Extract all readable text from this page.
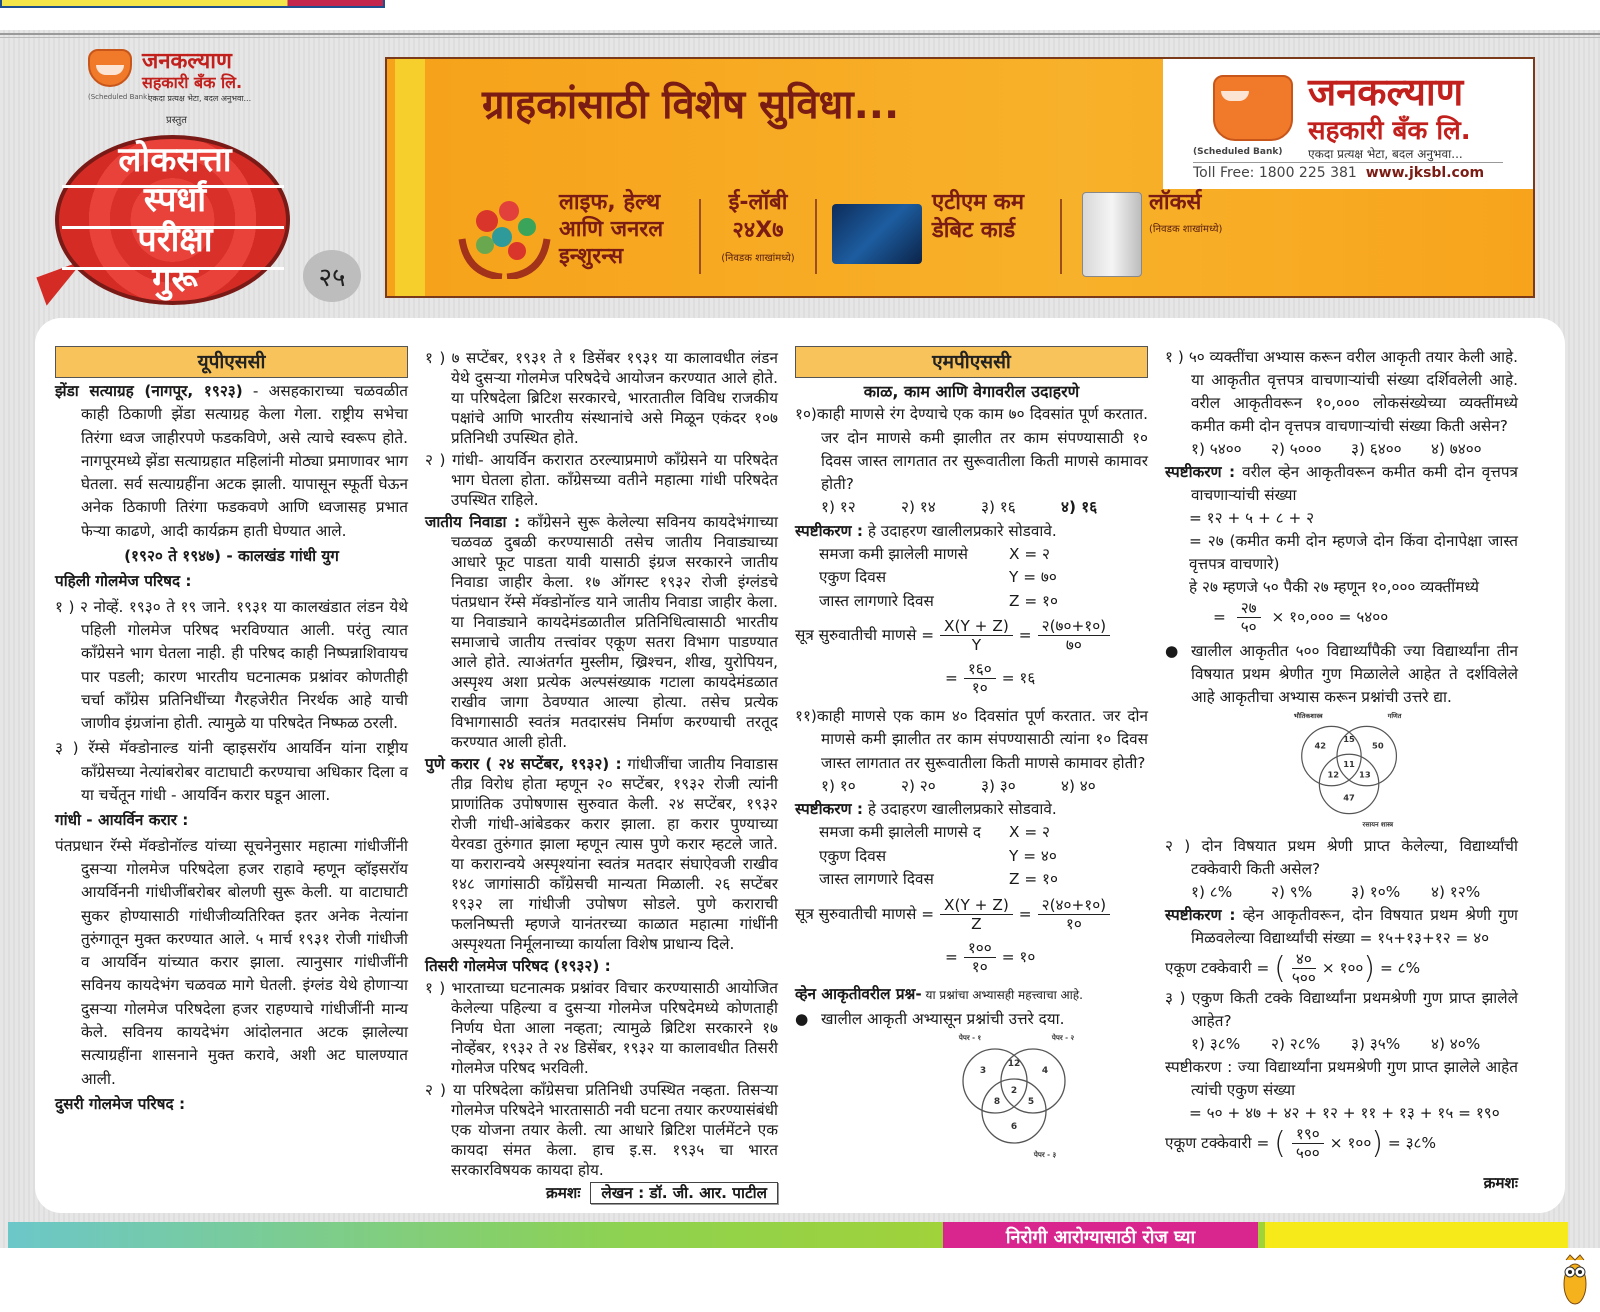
जनकल्याण
सहकारी बँक लि.
(Scheduled Bank)
एकदा प्रत्यक्ष भेटा, बदल अनुभवा...
प्रस्तुत
लोकसत्ता
स्पर्धा
परीक्षा
गुरू	२५
ग्राहकांसाठी विशेष सुविधा...	जनकल्याण
सहकारी बँक लि.
(Scheduled Bank) एकदा प्रत्यक्ष भेटा, बदल अनुभवा...
Toll Free: 1800 225 381 www.jksbl.com
लाइफ, हेल्थ आणि जनरल इन्शुरन्स
ई-लॉबी २४X७
(निवडक शाखांमध्ये)
एटीएम कम डेबिट कार्ड
लॉकर्स
(निवडक शाखांमध्ये)
यूपीएससी
झेंडा सत्याग्रह (नागपूर, १९२३) - असहकाराच्या चळवळीत काही ठिकाणी झेंडा सत्याग्रह केला गेला. राष्ट्रीय सभेचा तिरंगा ध्वज जाहीरपणे फडकविणे, असे त्याचे स्वरूप होते. नागपूरमध्ये झेंडा सत्याग्रहात महिलांनी मोठ्या प्रमाणावर भाग घेतला. सर्व सत्याग्रहींना अटक झाली. यापासून स्फूर्ती घेऊन अनेक ठिकाणी तिरंगा फडकवणे आणि ध्वजासह प्रभात फेऱ्या काढणे, आदी कार्यक्रम हाती घेण्यात आले.
(१९२० ते १९४७) - कालखंड गांधी युग
पहिली गोलमेज परिषद :
१ ) २ नोव्हें. १९३० ते १९ जाने. १९३१ या कालखंडात लंडन येथे पहिली गोलमेज परिषद भरविण्यात आली. परंतु त्यात काँग्रेसने भाग घेतला नाही. ही परिषद काही निष्पन्नाशिवायच पार पडली; कारण भारतीय घटनात्मक प्रश्नांवर कोणतीही चर्चा काँग्रेस प्रतिनिधींच्या गैरहजेरीत निरर्थक आहे याची जाणीव इंग्रजांना होती. त्यामुळे या परिषदेत निष्फळ ठरली.
३ ) रॅम्से मॅक्डोनाल्ड यांनी व्हाइसरॉय आयर्विन यांना राष्ट्रीय काँग्रेसच्या नेत्यांबरोबर वाटाघाटी करण्याचा अधिकार दिला व या चर्चेतून गांधी - आयर्विन करार घडून आला.
गांधी - आयर्विन करार :
पंतप्रधान रॅम्से मॅक्डोनॉल्ड यांच्या सूचनेनुसार महात्मा गांधीजींनी दुसऱ्या गोलमेज परिषदेला हजर राहावे म्हणून व्हॉइसरॉय आयर्विननी गांधीजींबरोबर बोलणी सुरू केली. या वाटाघाटी सुकर होण्यासाठी गांधीजीव्यतिरिक्त इतर अनेक नेत्यांना तुरुंगातून मुक्त करण्यात आले. ५ मार्च १९३१ रोजी गांधीजी व आयर्विन यांच्यात करार झाला. त्यानुसार गांधीजींनी सविनय कायदेभंग चळवळ मागे घेतली. इंग्लंड येथे होणाऱ्या दुसऱ्या गोलमेज परिषदेला हजर राहण्याचे गांधीजींनी मान्य केले. सविनय कायदेभंग आंदोलनात अटक झालेल्या सत्याग्रहींना शासनाने मुक्त करावे, अशी अट घालण्यात आली.
दुसरी गोलमेज परिषद :
१ ) ७ सप्टेंबर, १९३१ ते १ डिसेंबर १९३१ या कालावधीत लंडन येथे दुसऱ्या गोलमेज परिषदेचे आयोजन करण्यात आले होते. या परिषदेला ब्रिटिश सरकारचे, भारतातील विविध राजकीय पक्षांचे आणि भारतीय संस्थानांचे असे मिळून एकंदर १०७ प्रतिनिधी उपस्थित होते.
२ ) गांधी- आयर्विन करारात ठरल्याप्रमाणे काँग्रेसने या परिषदेत भाग घेतला होता. काँग्रेसच्या वतीने महात्मा गांधी परिषदेत उपस्थित राहिले.
जातीय निवाडा : काँग्रेसने सुरू केलेल्या सविनय कायदेभंगाच्या चळवळ दुबळी करण्यासाठी तसेच जातीय निवाड्याच्या आधारे फूट पाडता यावी यासाठी इंग्रज सरकारने जातीय निवाडा जाहीर केला. १७ ऑगस्ट १९३२ रोजी इंग्लंडचे पंतप्रधान रॅम्से मॅक्डोनॉल्ड याने जातीय निवाडा जाहीर केला. या निवाड्याने कायदेमंडळातील प्रतिनिधित्वासाठी भारतीय समाजाचे जातीय तत्त्वांवर एकूण सतरा विभाग पाडण्यात आले होते. त्याअंतर्गत मुस्लीम, ख्रिश्चन, शीख, युरोपियन, अस्पृश्य अशा प्रत्येक अल्पसंख्याक गटाला कायदेमंडळात राखीव जागा ठेवण्यात आल्या होत्या. तसेच प्रत्येक विभागासाठी स्वतंत्र मतदारसंघ निर्माण करण्याची तरतूद करण्यात आली होती.
पुणे करार ( २४ सप्टेंबर, १९३२) : गांधीजींचा जातीय निवाडास तीव्र विरोध होता म्हणून २० सप्टेंबर, १९३२ रोजी त्यांनी प्राणांतिक उपोषणास सुरुवात केली. २४ सप्टेंबर, १९३२ रोजी गांधी-आंबेडकर करार झाला. हा करार पुण्याच्या येरवडा तुरुंगात झाला म्हणून त्यास पुणे करार म्हटले जाते. या करारान्वये अस्पृश्यांना स्वतंत्र मतदार संघाऐवजी राखीव १४८ जागांसाठी काँग्रेसची मान्यता मिळाली. २६ सप्टेंबर १९३२ ला गांधीजी उपोषण सोडले. पुणे कराराची फलनिष्पत्ती म्हणजे यानंतरच्या काळात महात्मा गांधींनी अस्पृश्यता निर्मूलनाच्या कार्याला विशेष प्राधान्य दिले.
तिसरी गोलमेज परिषद (१९३२) :
१ ) भारताच्या घटनात्मक प्रश्नांवर विचार करण्यासाठी आयोजित केलेल्या पहिल्या व दुसऱ्या गोलमेज परिषदेमध्ये कोणताही निर्णय घेता आला नव्हता; त्यामुळे ब्रिटिश सरकारने १७ नोव्हेंबर, १९३२ ते २४ डिसेंबर, १९३२ या कालावधीत तिसरी गोलमेज परिषद भरविली.
२ ) या परिषदेला काँग्रेसचा प्रतिनिधी उपस्थित नव्हता. तिसऱ्या गोलमेज परिषदेने भारतासाठी नवी घटना तयार करण्यासंबंधी एक योजना तयार केली. त्या आधारे ब्रिटिश पार्लमेंटने एक कायदा संमत केला. हाच इ.स. १९३५ चा भारत सरकारविषयक कायदा होय.
क्रमशः लेखन : डॉ. जी. आर. पाटील
एमपीएससी
काळ, काम आणि वेगावरील उदाहरणे
१०)काही माणसे रंग देण्याचे एक काम ७० दिवसांत पूर्ण करतात. जर दोन माणसे कमी झालीत तर काम संपण्यासाठी १० दिवस जास्त लागतात तर सुरूवातीला किती माणसे कामावर होती?
१) १२	२) १४	३) १६	४) १६
स्पष्टीकरण : हे उदाहरण खालीलप्रकारे सोडवावे.
समजा कमी झालेली माणसे	X = २
एकुण दिवस	Y = ७०
जास्त लागणारे दिवस	Z = १०
सूत्र सुरुवातीची माणसे = $\frac{X(Y + Z)}{Y} = \frac{२(७०+१०)}{७०}$
= $\frac{१६०}{१०}$ = १६
११)काही माणसे एक काम ४० दिवसांत पूर्ण करतात. जर दोन माणसे कमी झालीत तर काम संपण्यासाठी त्यांना १० दिवस जास्त लागतात तर सुरूवातीला किती माणसे कामावर होती?
१) १०	२) २०	३) ३०	४) ४०
स्पष्टीकरण : हे उदाहरण खालीलप्रकारे सोडवावे.
समजा कमी झालेली माणसे द	X = २
एकुण दिवस	Y = ४०
जास्त लागणारे दिवस	Z = १०
सूत्र सुरुवातीची माणसे = $\frac{X(Y + Z)}{Z} = \frac{२(४०+१०)}{१०}$
= $\frac{१००}{१०}$ = १०
व्हेन आकृतीवरील प्रश्न- या प्रश्नांचा अभ्यासही महत्त्वाचा आहे.
● खालील आकृती अभ्यासून प्रश्नांची उत्तरे दया.
3
12
4
2
8	5
6
पेपर - १	पेपर - २
पेपर - ३
१ ) ५० व्यक्तींचा अभ्यास करून वरील आकृती तयार केली आहे. या आकृतीत वृत्तपत्र वाचणाऱ्यांची संख्या दर्शिवलेली आहे. वरील आकृतीवरून १०,००० लोकसंख्येच्या व्यक्तींमध्ये कमीत कमी दोन वृत्तपत्र वाचणाऱ्यांची संख्या किती असेन?
१) ५४००	२) ५०००	३) ६४००	४) ७४००
स्पष्टीकरण : वरील व्हेन आकृतीवरून कमीत कमी दोन वृत्तपत्र वाचणाऱ्यांची संख्या
= १२ + ५ + ८ + २
= २७ (कमीत कमी दोन म्हणजे दोन किंवा दोनापेक्षा जास्त वृत्तपत्र वाचणारे)
हे २७ म्हणजे ५० पैकी २७ म्हणून १०,००० व्यक्तींमध्ये
= $\frac{२७}{५०}$ × १०,००० = ५४००
● खालील आकृतीत ५०० विद्यार्थ्यांपैकी ज्या विद्यार्थ्यांना तीन विषयात प्रथम श्रेणीत गुण मिळालेले आहेत ते दर्शविलेले आहे आकृतीचा अभ्यास करून प्रश्नांची उत्तरे द्या.
42
15
50
11
12 13
47
भौतिकशास्त्र	गणित
रसायन शास्त्र
२ ) दोन विषयात प्रथम श्रेणी प्राप्त केलेल्या, विद्यार्थ्यांची टक्केवारी किती असेल?
१) ८%	२) ९%	३) १०%	४) १२%
स्पष्टीकरण : व्हेन आकृतीवरून, दोन विषयात प्रथम श्रेणी गुण मिळवलेल्या विद्यार्थ्यांची संख्या = १५+१३+१२ = ४०
एकूण टक्केवारी = ( $\frac{४०}{५००}$ × १००) = ८%
३ ) एकुण किती टक्के विद्यार्थ्यांना प्रथमश्रेणी गुण प्राप्त झालेले आहेत?
१) ३८%	२) २८%	३) ३५%	४) ४०%
स्पष्टीकरण : ज्या विद्यार्थ्यांना प्रथमश्रेणी गुण प्राप्त झालेले आहेत त्यांची एकुण संख्या
= ५० + ४७ + ४२ + १२ + ११ + १३ + १५ = १९०
एकूण टक्केवारी = ( $\frac{१९०}{५००}$ × १००) = ३८%
क्रमशः
निरोगी आरोग्यासाठी रोज घ्या
